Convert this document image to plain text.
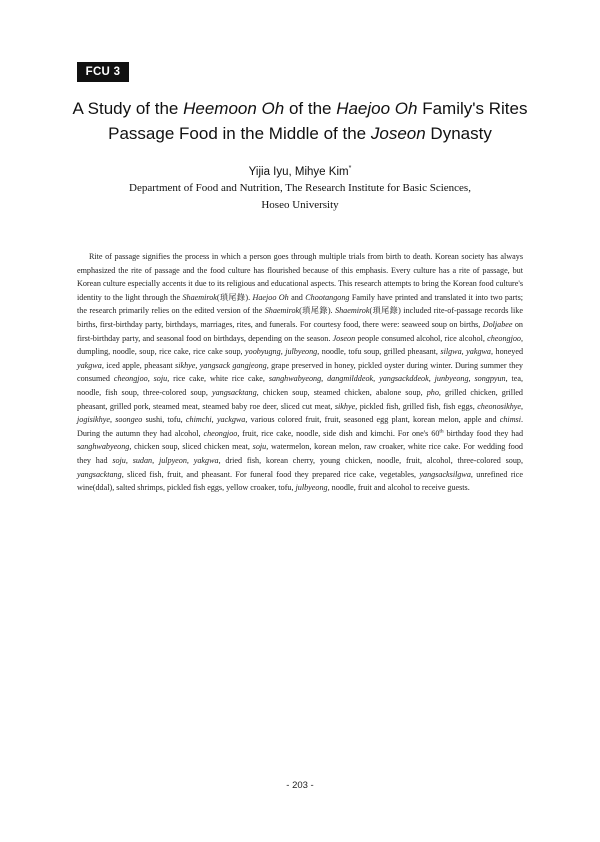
FCU 3
A Study of the Heemoon Oh of the Haejoo Oh Family's Rites
Passage Food in the Middle of the Joseon Dynasty
Yijia Iyu, Mihye Kim*
Department of Food and Nutrition, The Research Institute for Basic Sciences,
Hoseo University

Rite of passage signifies the process in which a person goes through multiple trials from birth to death. Korean society has always emphasized the rite of passage and the food culture has flourished because of this emphasis. Every culture has a rite of passage, but Korean culture especially accents it due to its religious and educational aspects. This research attempts to bring the Korean food culture's identity to the light through the Shaemirok(瑣尾錄). Haejoo Oh and Chootangong Family have printed and translated it into two parts; the research primarily relies on the edited version of the Shaemirok(瑣尾錄). Shaemirok(瑣尾錄) included rite-of-passage records like births, first-birthday party, birthdays, marriages, rites, and funerals. For courtesy food, there were: seaweed soup on births, Doljabee on first-birthday party, and seasonal food on birthdays, depending on the season. Joseon people consumed alcohol, rice alcohol, cheongjoo, dumpling, noodle, soup, rice cake, rice cake soup, yoobyugng, julbyeong, noodle, tofu soup, grilled pheasant, silgwa, yakgwa, honeyed yakgwa, iced apple, pheasant sikhye, yangsack gangjeong, grape preserved in honey, pickled oyster during winter. During summer they consumed cheongjoo, soju, rice cake, white rice cake, sanghwabyeong, dangmilddeok, yangsackddeok, junbyeong, songpyun, tea, noodle, fish soup, three-colored soup, yangsacktang, chicken soup, steamed chicken, abalone soup, pho, grilled chicken, grilled pheasant, grilled pork, steamed meat, steamed baby roe deer, sliced cut meat, sikhye, pickled fish, grilled fish, fish eggs, cheonosikhye, jogisikhye, soongeo sushi, tofu, chimchi, yackgwa, various colored fruit, fruit, seasoned egg plant, korean melon, apple and chimsi. During the autumn they had alcohol, cheongjoo, fruit, rice cake, noodle, side dish and kimchi. For one's 60th birthday food they had sanghwabyeong, chicken soup, sliced chicken meat, soju, watermelon, korean melon, raw croaker, white rice cake. For wedding food they had soju, sudan, julpyeon, yakgwa, dried fish, korean cherry, young chicken, noodle, fruit, alcohol, three-colored soup, yangsacktang, sliced fish, fruit, and pheasant. For funeral food they prepared rice cake, vegetables, yangsacksilgwa, unrefined rice wine(ddal), salted shrimps, pickled fish eggs, yellow croaker, tofu, julbyeong, noodle, fruit and alcohol to receive guests.

- 203 -
